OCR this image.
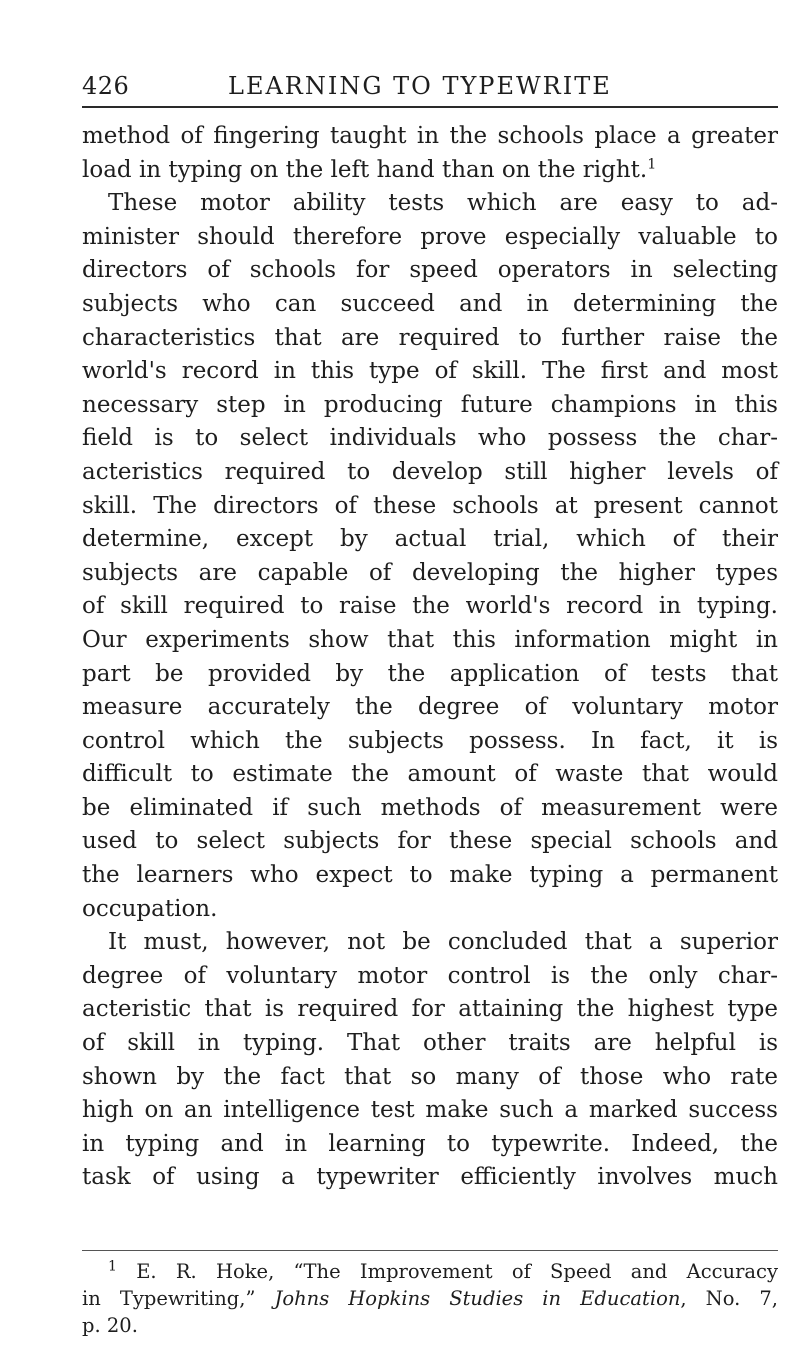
426	LEARNING TO TYPEWRITE
method of fingering taught in the schools place a greater
load in typing on the left hand than on the right.$^1$
These motor ability tests which are easy to ad-
minister should therefore prove especially valuable to
directors of schools for speed operators in selecting
subjects who can succeed and in determining the
characteristics that are required to further raise the
world's record in this type of skill. The first and most
necessary step in producing future champions in this
field is to select individuals who possess the char-
acteristics required to develop still higher levels of
skill. The directors of these schools at present cannot
determine, except by actual trial, which of their
subjects are capable of developing the higher types
of skill required to raise the world's record in typing.
Our experiments show that this information might in
part be provided by the application of tests that
measure accurately the degree of voluntary motor
control which the subjects possess. In fact, it is
difficult to estimate the amount of waste that would
be eliminated if such methods of measurement were
used to select subjects for these special schools and
the learners who expect to make typing a permanent
occupation.
It must, however, not be concluded that a superior
degree of voluntary motor control is the only char-
acteristic that is required for attaining the highest type
of skill in typing. That other traits are helpful is
shown by the fact that so many of those who rate
high on an intelligence test make such a marked success
in typing and in learning to typewrite. Indeed, the
task of using a typewriter efficiently involves much
$^1$ E. R. Hoke, “The Improvement of Speed and Accuracy
in Typewriting,” Johns Hopkins Studies in Education, No. 7,
p. 20.
